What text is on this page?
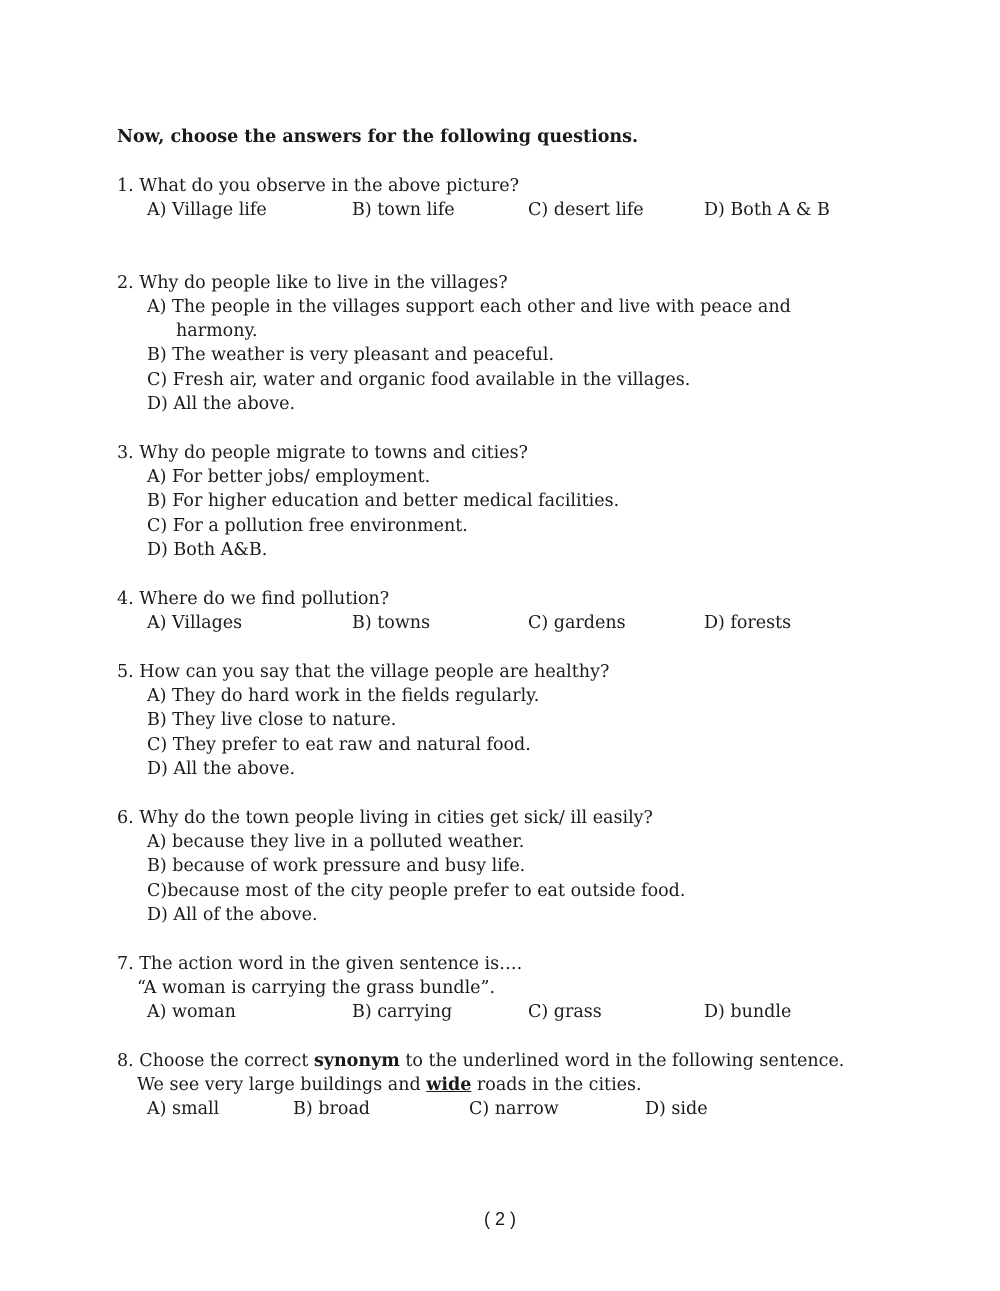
Now, choose the answers for the following questions.
1. What do you observe in the above picture?
A) Village life	B) town life	C) desert life	D) Both A & B
2. Why do people like to live in the villages?
A) The people in the villages support each other and live with peace and
harmony.
B) The weather is very pleasant and peaceful.
C) Fresh air, water and organic food available in the villages.
D) All the above.
3. Why do people migrate to towns and cities?
A) For better jobs/ employment.
B) For higher education and better medical facilities.
C) For a pollution free environment.
D) Both A&B.
4. Where do we find pollution?
A) Villages	B) towns	C) gardens	D) forests
5. How can you say that the village people are healthy?
A) They do hard work in the fields regularly.
B) They live close to nature.
C) They prefer to eat raw and natural food.
D) All the above.
6. Why do the town people living in cities get sick/ ill easily?
A) because they live in a polluted weather.
B) because of work pressure and busy life.
C)because most of the city people prefer to eat outside food.
D) All of the above.
7. The action word in the given sentence is….
“A woman is carrying the grass bundle”.
A) woman	B) carrying	C) grass	D) bundle
8. Choose the correct synonym to the underlined word in the following sentence.
We see very large buildings and wide roads in the cities.
A) small	B) broad	C) narrow	D) side
( 2 )
